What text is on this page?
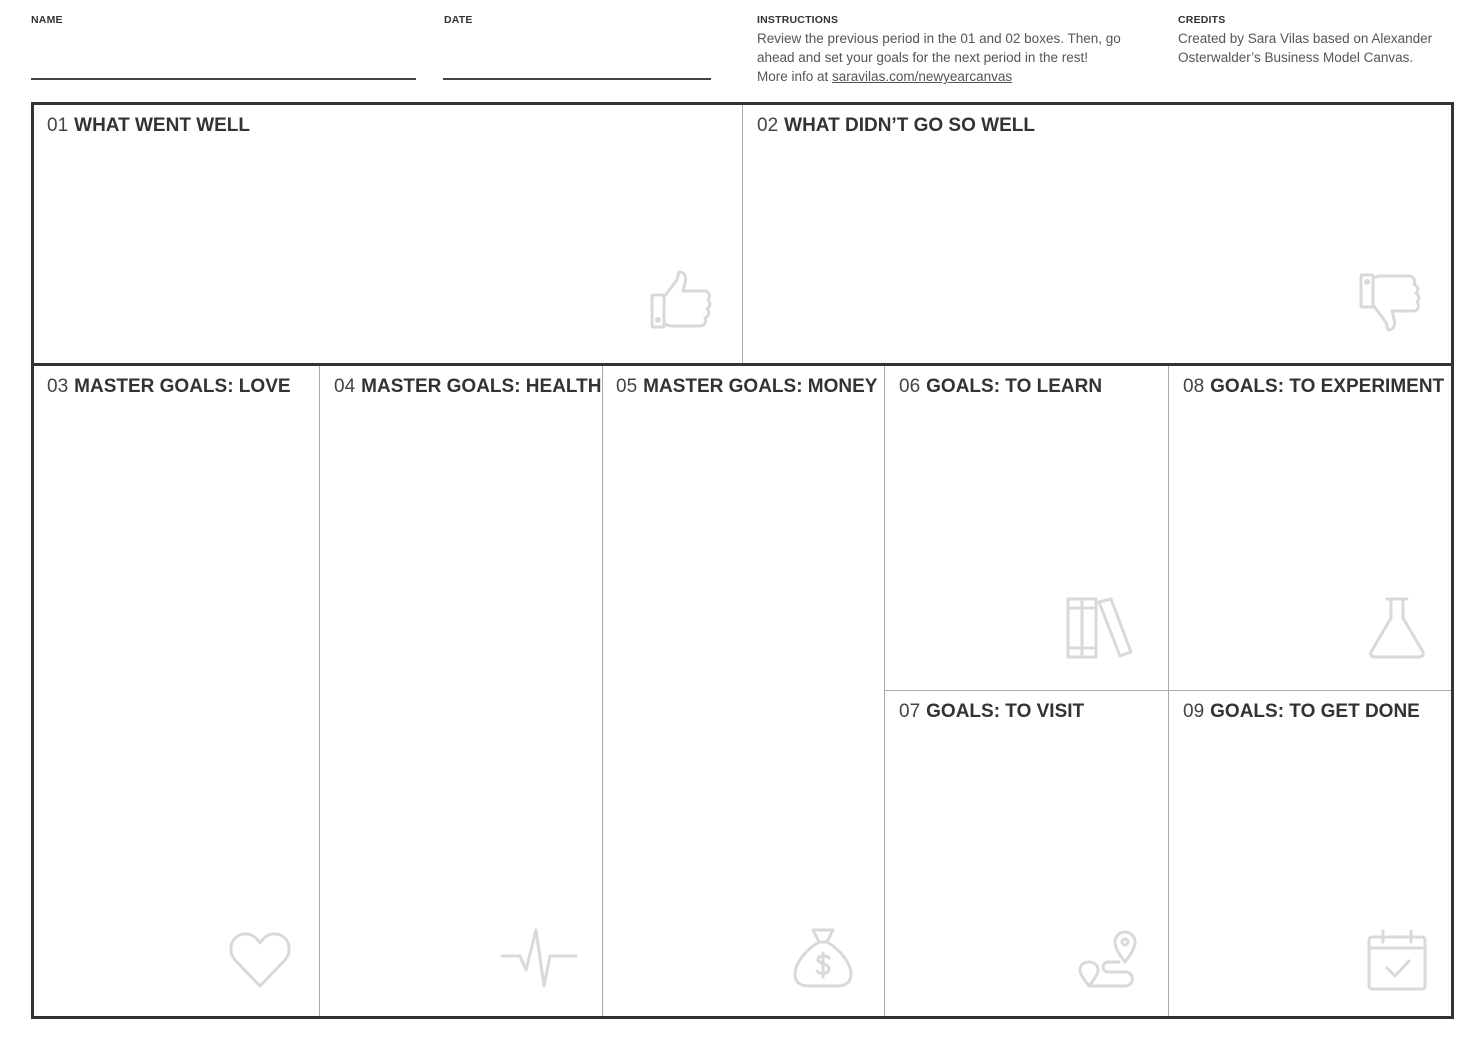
NAME	DATE	INSTRUCTIONS
Review the previous period in the 01 and 02 boxes. Then, go
ahead and set your goals for the next period in the rest!
More info at saravilas.com/newyearcanvas
CREDITS
Created by Sara Vilas based on Alexander
Osterwalder’s Business Model Canvas.
01 WHAT WENT WELL	02 WHAT DIDN’T GO SO WELL
03 MASTER GOALS: LOVE 04 MASTER GOALS: HEALTH 05 MASTER GOALS: MONEY 06 GOALS: TO LEARN
07 GOALS: TO VISIT
08 GOALS: TO EXPERIMENT
09 GOALS: TO GET DONE
